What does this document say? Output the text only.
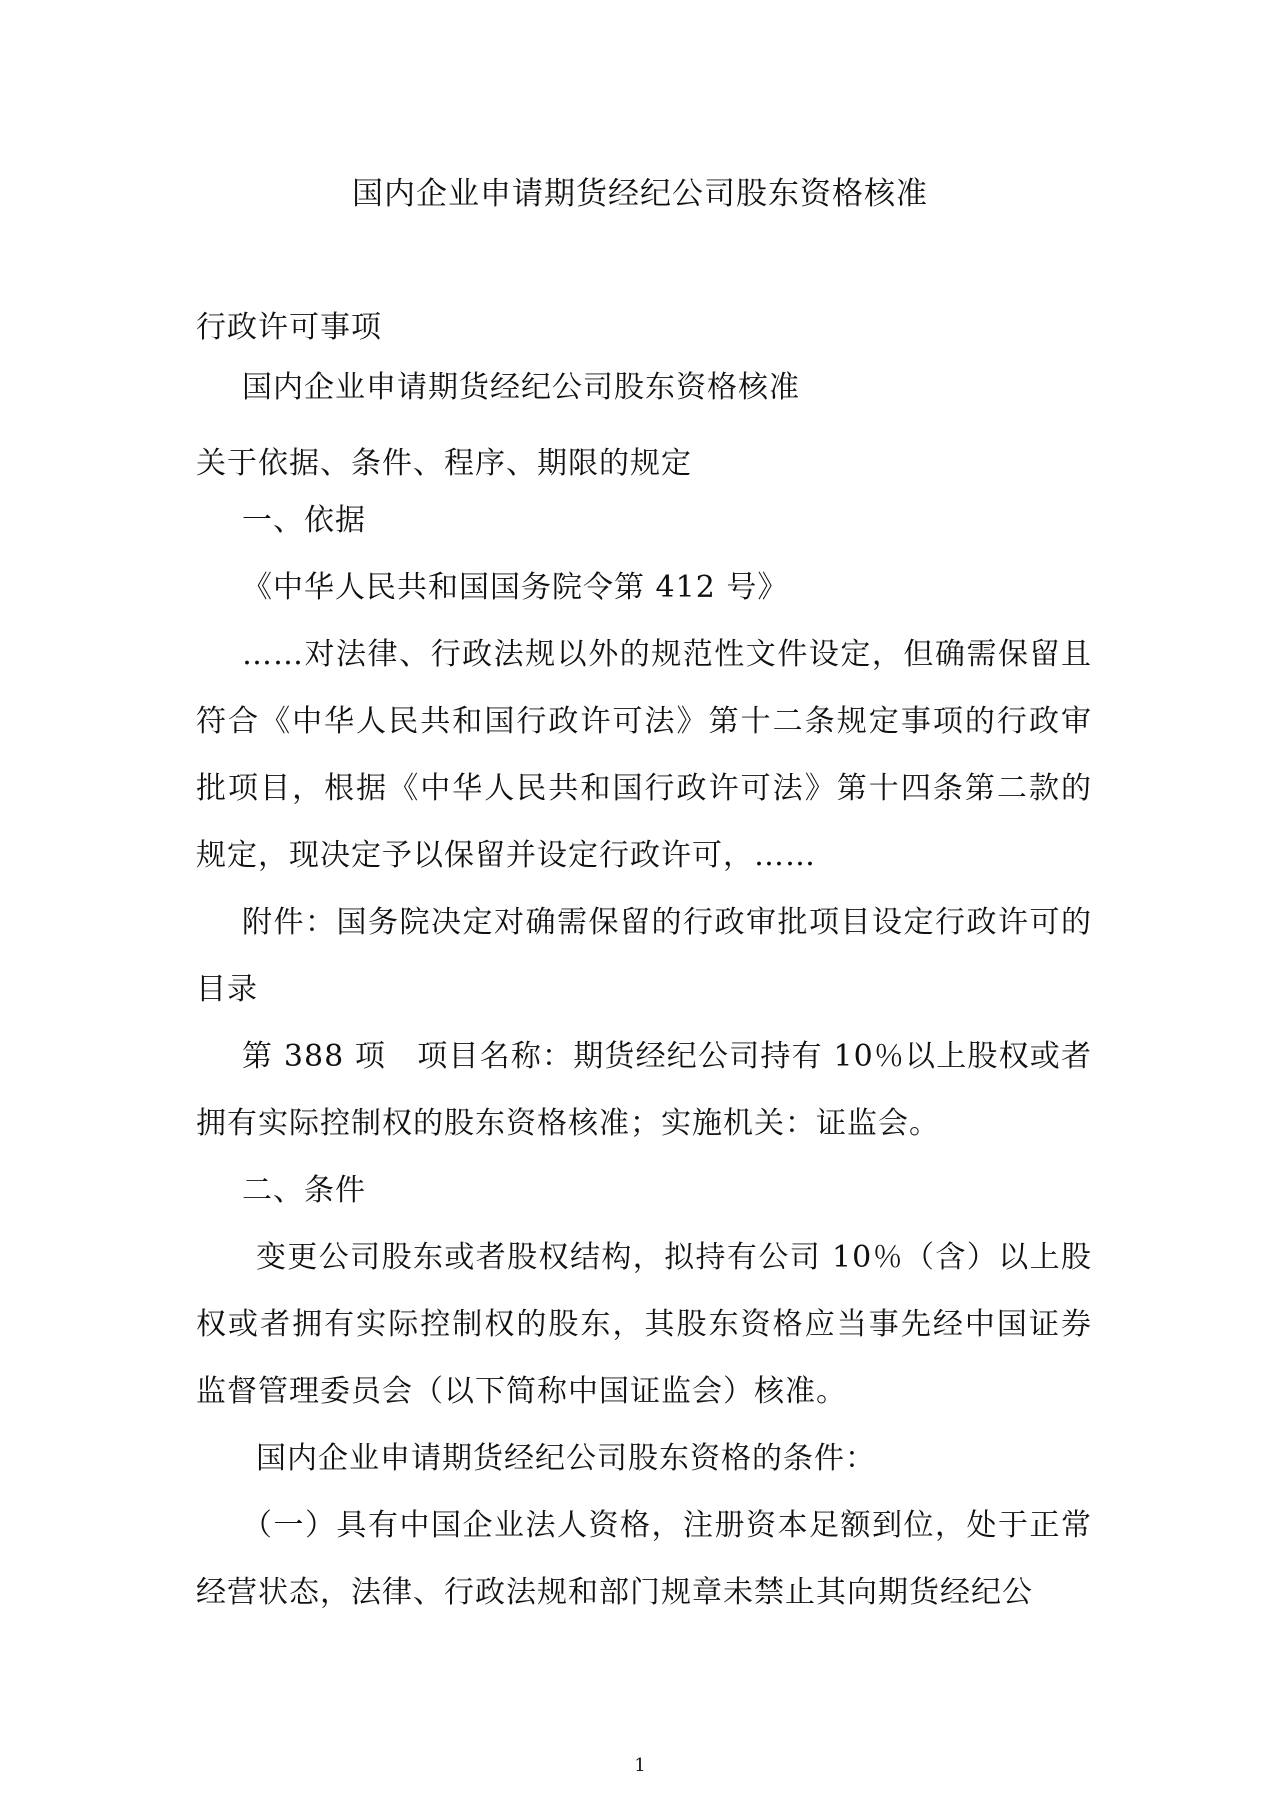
国内企业申请期货经纪公司股东资格核准
行政许可事项
国内企业申请期货经纪公司股东资格核准
关于依据、条件、程序、期限的规定
一、依据
《中华人民共和国国务院令第 412 号》
……对法律、行政法规以外的规范性文件设定，但确需保留且符合《中华人民共和国行政许可法》第十二条规定事项的行政审批项目，根据《中华人民共和国行政许可法》第十四条第二款的规定，现决定予以保留并设定行政许可，……
附件：国务院决定对确需保留的行政审批项目设定行政许可的目录
第 388 项　项目名称：期货经纪公司持有 10％以上股权或者拥有实际控制权的股东资格核准；实施机关：证监会。
二、条件
变更公司股东或者股权结构，拟持有公司 10％（含）以上股权或者拥有实际控制权的股东，其股东资格应当事先经中国证券监督管理委员会（以下简称中国证监会）核准。
国内企业申请期货经纪公司股东资格的条件：
（一）具有中国企业法人资格，注册资本足额到位，处于正常经营状态，法律、行政法规和部门规章未禁止其向期货经纪公
1
